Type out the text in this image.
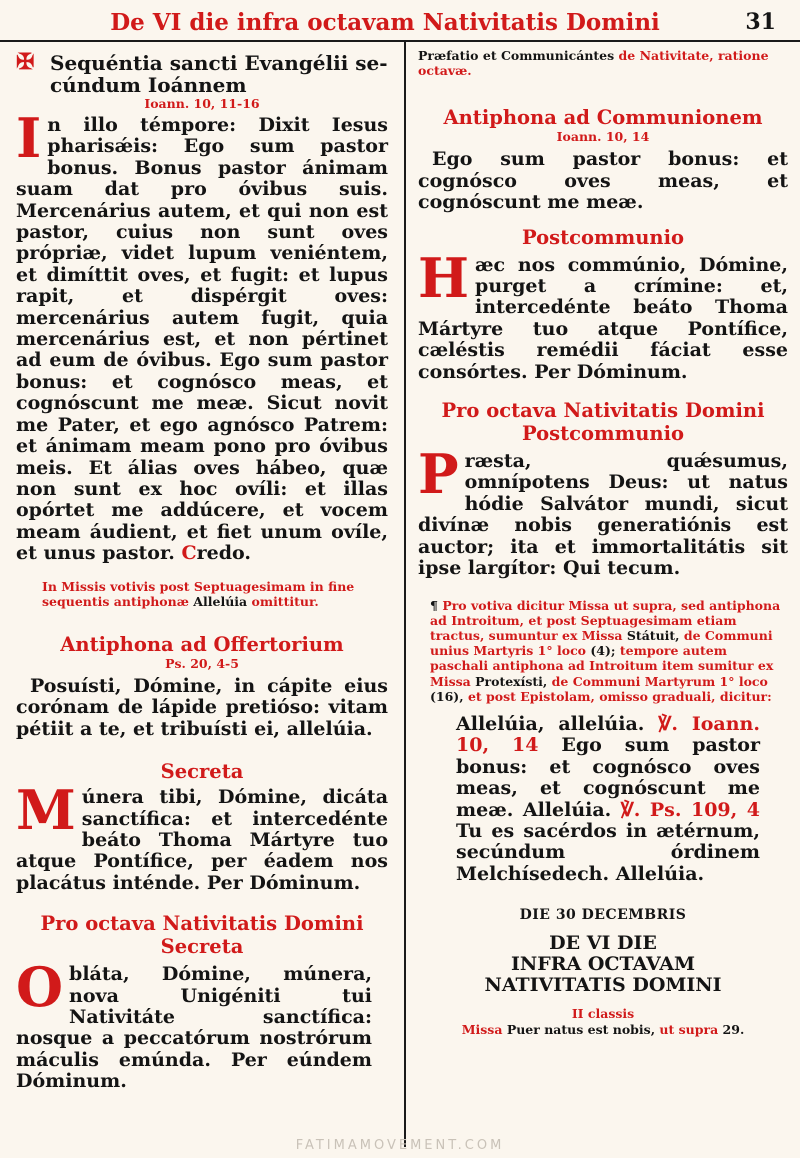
De VI die infra octavam Nativitatis Domini	31

✠ Sequéntia sancti Evangélii se-
cúndum Ioánnem

Ioann. 10, 11-16

In illo témpore: Dixit Iesus pharisǽis: Ego sum pastor bonus. Bonus pastor ánimam suam dat pro óvibus suis. Mercenárius autem, et qui non est pastor, cuius non sunt oves própriæ, videt lupum veniéntem, et dimíttit oves, et fugit: et lupus rapit, et dispérgit oves: mercenárius autem fugit, quia mercenárius est, et non pértinet ad eum de óvibus. Ego sum pastor bonus: et cognósco meas, et cognóscunt me meæ. Sicut novit me Pater, et ego agnósco Patrem: et ánimam meam pono pro óvibus meis. Et álias oves hábeo, quæ non sunt ex hoc ovíli: et illas opórtet me addúcere, et vocem meam áudient, et fiet unum ovíle, et unus pastor. Credo.

In Missis votivis post Septuagesimam in fine sequentis antiphonæ Allelúia omittitur.

Antiphona ad Offertorium

Ps. 20, 4-5

Posuísti, Dómine, in cápite eius corónam de lápide pretióso: vitam pétiit a te, et tribuísti ei, allelúia.

Secreta

Múnera tibi, Dómine, dicáta sanctífica: et intercedénte beáto Thoma Mártyre tuo atque Pontífice, per éadem nos placátus inténde. Per Dóminum.

Pro octava Nativitatis Domini

Secreta

Obláta, Dómine, múnera, nova Unigéniti tui Nativitáte sanctífica: nosque a peccatórum nostrórum máculis emúnda. Per eúndem Dóminum.

Præfatio et Communicántes de Nativitate, ratione octavæ.

Antiphona ad Communionem

Ioann. 10, 14

Ego sum pastor bonus: et cognósco oves meas, et cognóscunt me meæ.

Postcommunio

Hæc nos commúnio, Dómine, purget a crímine: et, intercedénte beáto Thoma Mártyre tuo atque Pontífice, cæléstis remédii fáciat esse consórtes. Per Dóminum.

Pro octava Nativitatis Domini

Postcommunio

Præsta, quǽsumus, omnípotens Deus: ut natus hódie Salvátor mundi, sicut divínæ nobis generatiónis est auctor; ita et immortalitátis sit ipse largítor: Qui tecum.

¶ Pro votiva dicitur Missa ut supra, sed antiphona ad Introitum, et post Septuagesimam etiam tractus, sumuntur ex Missa Státuit, de Communi unius Martyris 1° loco (4); tempore autem paschali antiphona ad Introitum item sumitur ex Missa Protexísti, de Communi Martyrum 1° loco (16), et post Epistolam, omisso graduali, dicitur:

Allelúia, allelúia. ℣. Ioann. 10, 14 Ego sum pastor bonus: et cognósco oves meas, et cognóscunt me meæ. Allelúia. ℣. Ps. 109, 4 Tu es sacérdos in ætérnum, secúndum órdinem Melchísedech. Allelúia.

DIE 30 DECEMBRIS

DE VI DIE

INFRA OCTAVAM

NATIVITATIS DOMINI

II classis

Missa Puer natus est nobis, ut supra 29.

FATIMAMOVEMENT.COM
